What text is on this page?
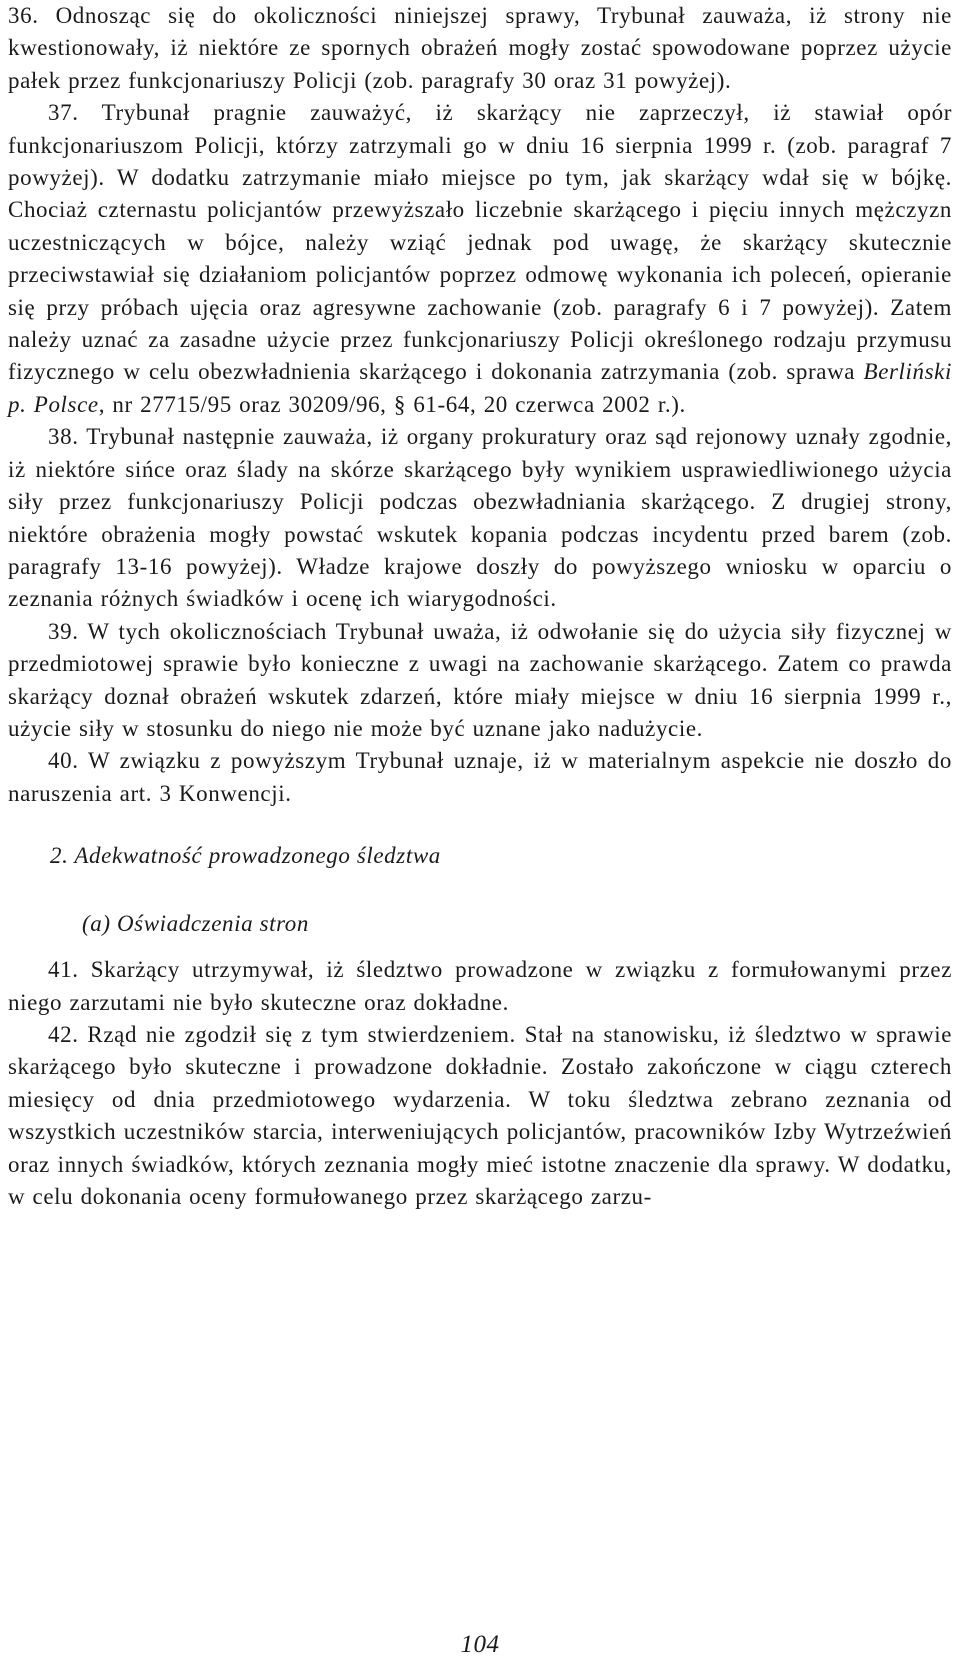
36. Odnosząc się do okoliczności niniejszej sprawy, Trybunał zauważa, iż strony nie kwestionowały, iż niektóre ze spornych obrażeń mogły zostać spowodowane poprzez użycie pałek przez funkcjonariuszy Policji (zob. paragrafy 30 oraz 31 powyżej).

37. Trybunał pragnie zauważyć, iż skarżący nie zaprzeczył, iż stawiał opór funkcjonariuszom Policji, którzy zatrzymali go w dniu 16 sierpnia 1999 r. (zob. paragraf 7 powyżej). W dodatku zatrzymanie miało miejsce po tym, jak skarżący wdał się w bójkę. Chociaż czternastu policjantów przewyższało liczebnie skarżącego i pięciu innych mężczyzn uczestniczących w bójce, należy wziąć jednak pod uwagę, że skarżący skutecznie przeciwstawiał się działaniom policjantów poprzez odmowę wykonania ich poleceń, opieranie się przy próbach ujęcia oraz agresywne zachowanie (zob. paragrafy 6 i 7 powyżej). Zatem należy uznać za zasadne użycie przez funkcjonariuszy Policji określonego rodzaju przymusu fizycznego w celu obezwładnienia skarżącego i dokonania zatrzymania (zob. sprawa Berliński p. Polsce, nr 27715/95 oraz 30209/96, § 61-64, 20 czerwca 2002 r.).

38. Trybunał następnie zauważa, iż organy prokuratury oraz sąd rejonowy uznały zgodnie, iż niektóre sińce oraz ślady na skórze skarżącego były wynikiem usprawiedliwionego użycia siły przez funkcjonariuszy Policji podczas obezwładniania skarżącego. Z drugiej strony, niektóre obrażenia mogły powstać wskutek kopania podczas incydentu przed barem (zob. paragrafy 13-16 powyżej). Władze krajowe doszły do powyższego wniosku w oparciu o zeznania różnych świadków i ocenę ich wiarygodności.

39. W tych okolicznościach Trybunał uważa, iż odwołanie się do użycia siły fizycznej w przedmiotowej sprawie było konieczne z uwagi na zachowanie skarżącego. Zatem co prawda skarżący doznał obrażeń wskutek zdarzeń, które miały miejsce w dniu 16 sierpnia 1999 r., użycie siły w stosunku do niego nie może być uznane jako nadużycie.

40. W związku z powyższym Trybunał uznaje, iż w materialnym aspekcie nie doszło do naruszenia art. 3 Konwencji.

2. Adekwatność prowadzonego śledztwa

(a) Oświadczenia stron

41. Skarżący utrzymywał, iż śledztwo prowadzone w związku z formułowanymi przez niego zarzutami nie było skuteczne oraz dokładne.

42. Rząd nie zgodził się z tym stwierdzeniem. Stał na stanowisku, iż śledztwo w sprawie skarżącego było skuteczne i prowadzone dokładnie. Zostało zakończone w ciągu czterech miesięcy od dnia przedmiotowego wydarzenia. W toku śledztwa zebrano zeznania od wszystkich uczestników starcia, interweniujących policjantów, pracowników Izby Wytrzeźwień oraz innych świadków, których zeznania mogły mieć istotne znaczenie dla sprawy. W dodatku, w celu dokonania oceny formułowanego przez skarżącego zarzu-

104
